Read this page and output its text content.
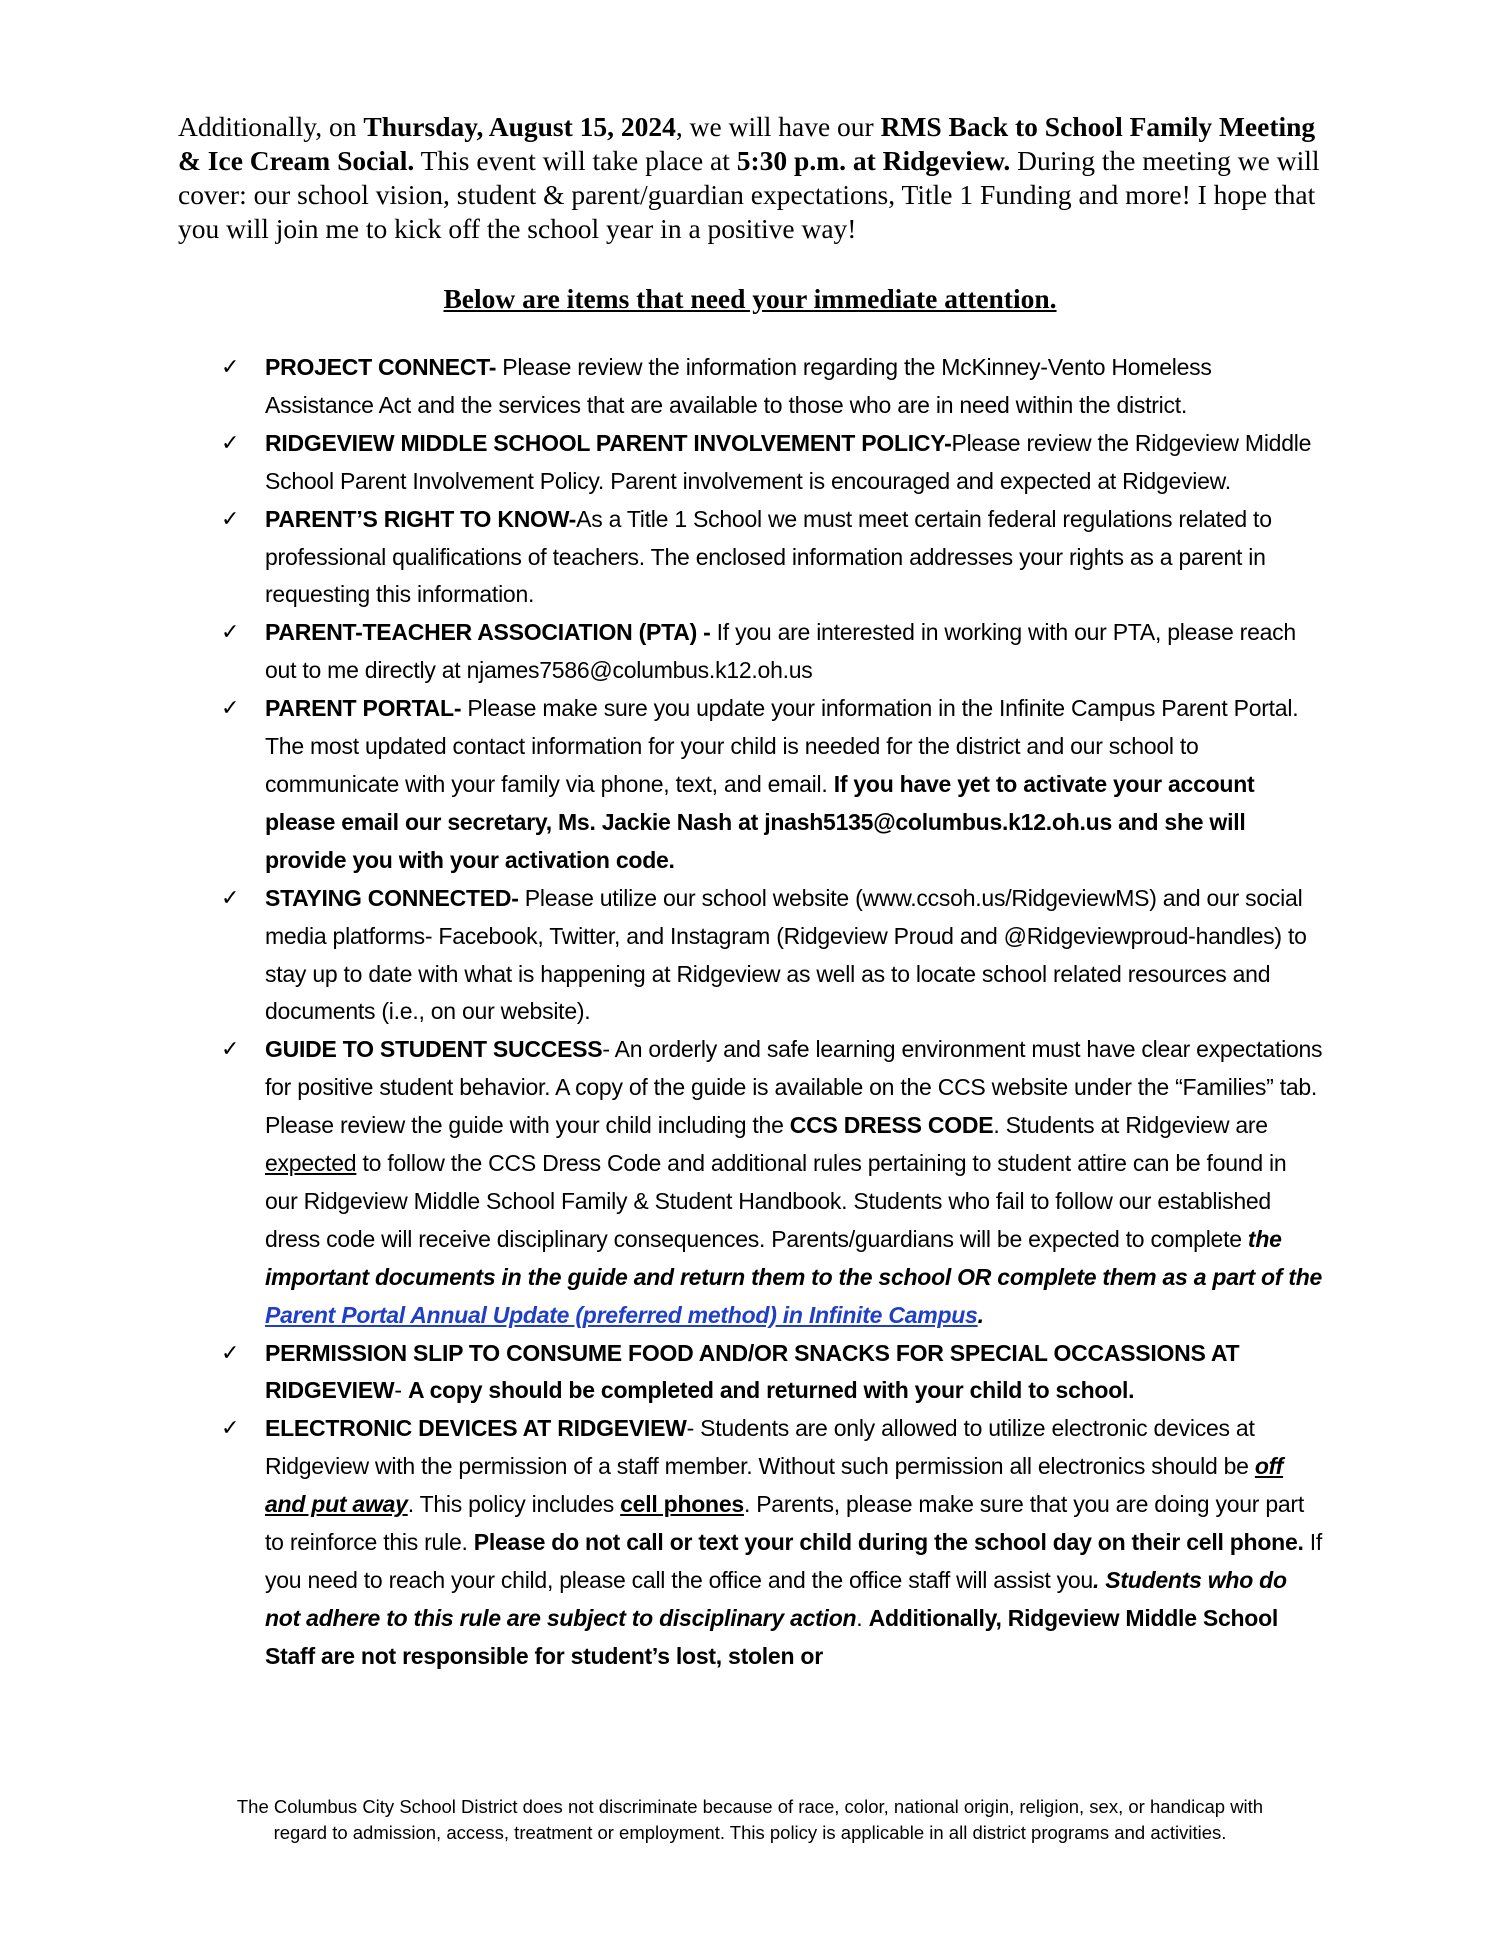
Additionally, on Thursday, August 15, 2024, we will have our RMS Back to School Family Meeting & Ice Cream Social. This event will take place at 5:30 p.m. at Ridgeview. During the meeting we will cover: our school vision, student & parent/guardian expectations, Title 1 Funding and more! I hope that you will join me to kick off the school year in a positive way!
Below are items that need your immediate attention.
✓ PROJECT CONNECT- Please review the information regarding the McKinney-Vento Homeless Assistance Act and the services that are available to those who are in need within the district.
✓ RIDGEVIEW MIDDLE SCHOOL PARENT INVOLVEMENT POLICY-Please review the Ridgeview Middle School Parent Involvement Policy. Parent involvement is encouraged and expected at Ridgeview.
✓ PARENT’S RIGHT TO KNOW-As a Title 1 School we must meet certain federal regulations related to professional qualifications of teachers. The enclosed information addresses your rights as a parent in requesting this information.
✓ PARENT-TEACHER ASSOCIATION (PTA) - If you are interested in working with our PTA, please reach out to me directly at njames7586@columbus.k12.oh.us
✓ PARENT PORTAL- Please make sure you update your information in the Infinite Campus Parent Portal. The most updated contact information for your child is needed for the district and our school to communicate with your family via phone, text, and email. If you have yet to activate your account please email our secretary, Ms. Jackie Nash at jnash5135@columbus.k12.oh.us and she will provide you with your activation code.
✓ STAYING CONNECTED- Please utilize our school website (www.ccsoh.us/RidgeviewMS) and our social media platforms- Facebook, Twitter, and Instagram (Ridgeview Proud and @Ridgeviewproud-handles) to stay up to date with what is happening at Ridgeview as well as to locate school related resources and documents (i.e., on our website).
✓ GUIDE TO STUDENT SUCCESS- An orderly and safe learning environment must have clear expectations for positive student behavior. A copy of the guide is available on the CCS website under the “Families” tab. Please review the guide with your child including the CCS DRESS CODE. Students at Ridgeview are expected to follow the CCS Dress Code and additional rules pertaining to student attire can be found in our Ridgeview Middle School Family & Student Handbook. Students who fail to follow our established dress code will receive disciplinary consequences. Parents/guardians will be expected to complete the important documents in the guide and return them to the school OR complete them as a part of the Parent Portal Annual Update (preferred method) in Infinite Campus.
✓ PERMISSION SLIP TO CONSUME FOOD AND/OR SNACKS FOR SPECIAL OCCASSIONS AT RIDGEVIEW- A copy should be completed and returned with your child to school.
✓ ELECTRONIC DEVICES AT RIDGEVIEW- Students are only allowed to utilize electronic devices at Ridgeview with the permission of a staff member. Without such permission all electronics should be off and put away. This policy includes cell phones. Parents, please make sure that you are doing your part to reinforce this rule. Please do not call or text your child during the school day on their cell phone. If you need to reach your child, please call the office and the office staff will assist you. Students who do not adhere to this rule are subject to disciplinary action. Additionally, Ridgeview Middle School Staff are not responsible for student’s lost, stolen or
The Columbus City School District does not discriminate because of race, color, national origin, religion, sex, or handicap with
regard to admission, access, treatment or employment. This policy is applicable in all district programs and activities.
